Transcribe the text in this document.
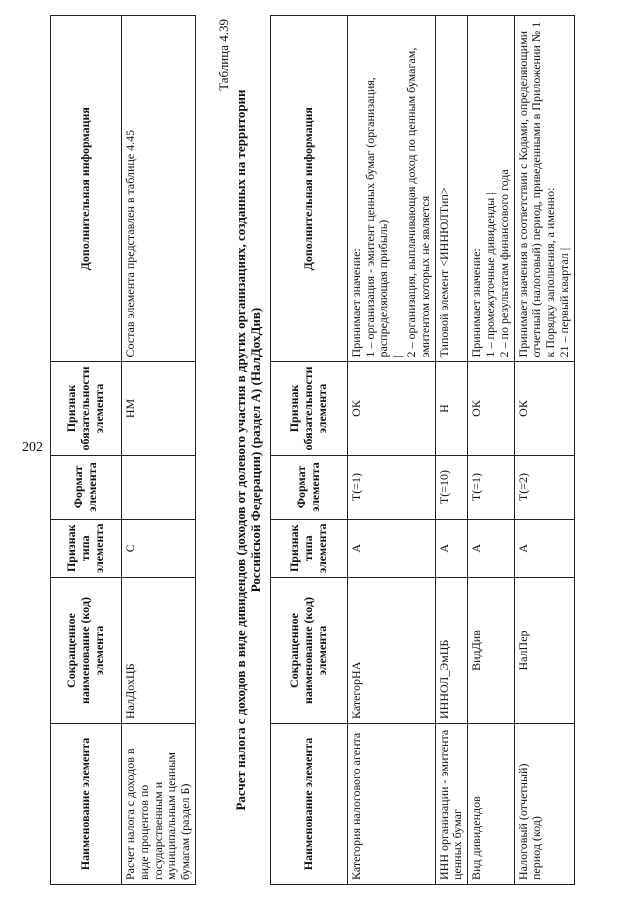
202
Наименование элемента	Сокращенное наименование (код) элемента	Признак типа элемента	Формат элемента	Признак обязательности элемента	Дополнительная информация
Расчет налога с доходов в виде процентов по государственным и муниципальным ценным бумагам (раздел Б)	НалДохЦБ	С		НМ	Состав элемента представлен в таблице 4.45
Таблица 4.39
Расчет налога с доходов в виде дивидендов (доходов от долевого участия в других организациях, созданных на территории Российской Федерации) (раздел А) (НалДохДив)
Наименование элемента	Сокращенное наименование (код) элемента	Признак типа элемента	Формат элемента	Признак обязательности элемента	Дополнительная информация
Категория налогового агента	КатегорНА	А	T(=1)	ОК	Принимает значение: 1 – организация - эмитент ценных бумаг (организация, распределяющая прибыль) | 2 – организация, выплачивающая доход по ценным бумагам, эмитентом которых не является

ИНН организации - эмитента ценных бумаг	ИННОЛ_ЭмЦБ	А	T(=10)	Н	Типовой элемент <ИННЮЛТип>

Вид дивидендов	ВидДив	А	T(=1)	ОК	Принимает значение: 1 – промежуточные дивиденды | 2 – по результатам финансового года

Налоговый (отчетный) период (код)	НалПер	А	T(=2)	ОК	Принимает значения в соответствии с Кодами, определяющими отчетный (налоговый) период, приведенными в Приложении № 1 к Порядку заполнения, а именно: 21 – первый квартал |
